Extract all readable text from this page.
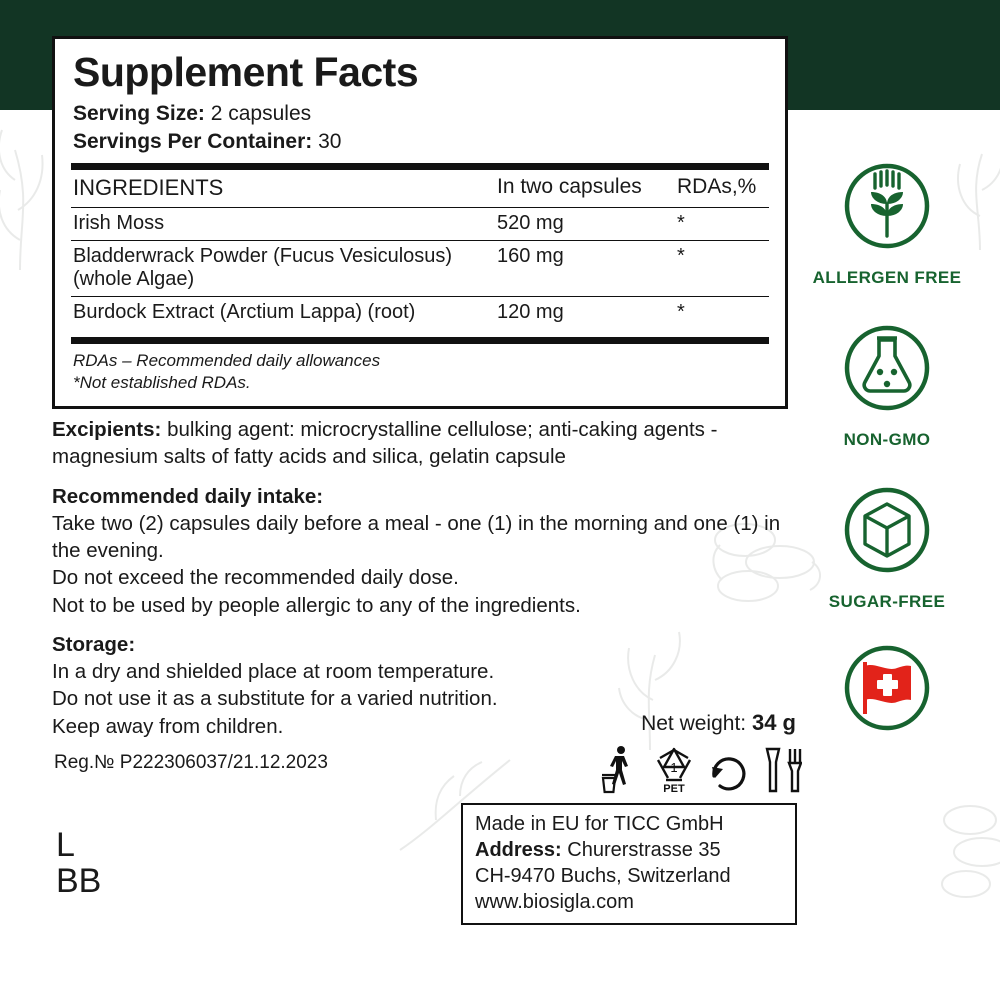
Supplement Facts
Serving Size: 2 capsules
Servings Per Container: 30
INGREDIENTS	In two capsules	RDAs,%
Irish Moss	520 mg	*
Bladderwrack Powder (Fucus Vesiculosus) (whole Algae)	160 mg	*
Burdock Extract (Arctium Lappa) (root)	120 mg	*
RDAs – Recommended daily allowances
*Not established RDAs.

Excipients: bulking agent: microcrystalline cellulose; anti-caking agents - magnesium salts of fatty acids and silica, gelatin capsule

Recommended daily intake:
Take two (2) capsules daily before a meal - one (1) in the morning and one (1) in the evening.
Do not exceed the recommended daily dose.
Not to be used by people allergic to any of the ingredients.

Storage:
In a dry and shielded place at room temperature.
Do not use it as a substitute for a varied nutrition.
Keep away from children.	Net weight: 34 g
Reg.№ P222306037/21.12.2023	1
PET
Made in EU for TICC GmbH
Address: Churerstrasse 35
CH-9470 Buchs, Switzerland
www.biosigla.com
L
BB
ALLERGEN FREE
NON-GMO
SUGAR-FREE
